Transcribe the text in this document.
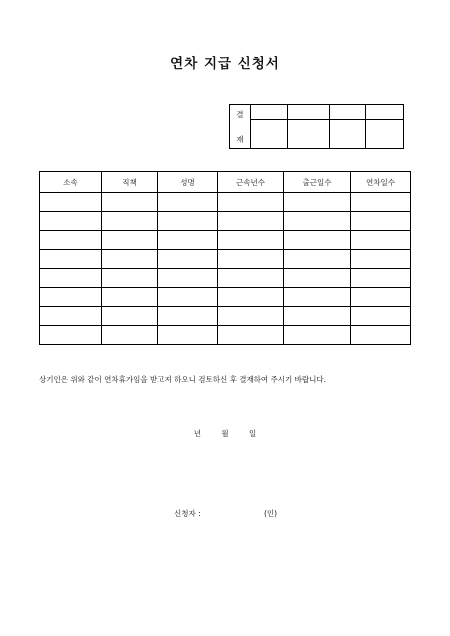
연차 지급 신청서
결
재				

소속	직책	성명	근속년수	출근일수	연차일수

상기인은 위와 같이 연차휴가임을 받고져 하오니 검토하신 후 결재하여 주시기 바랍니다.
년	월	일
신청자 :	(인)
